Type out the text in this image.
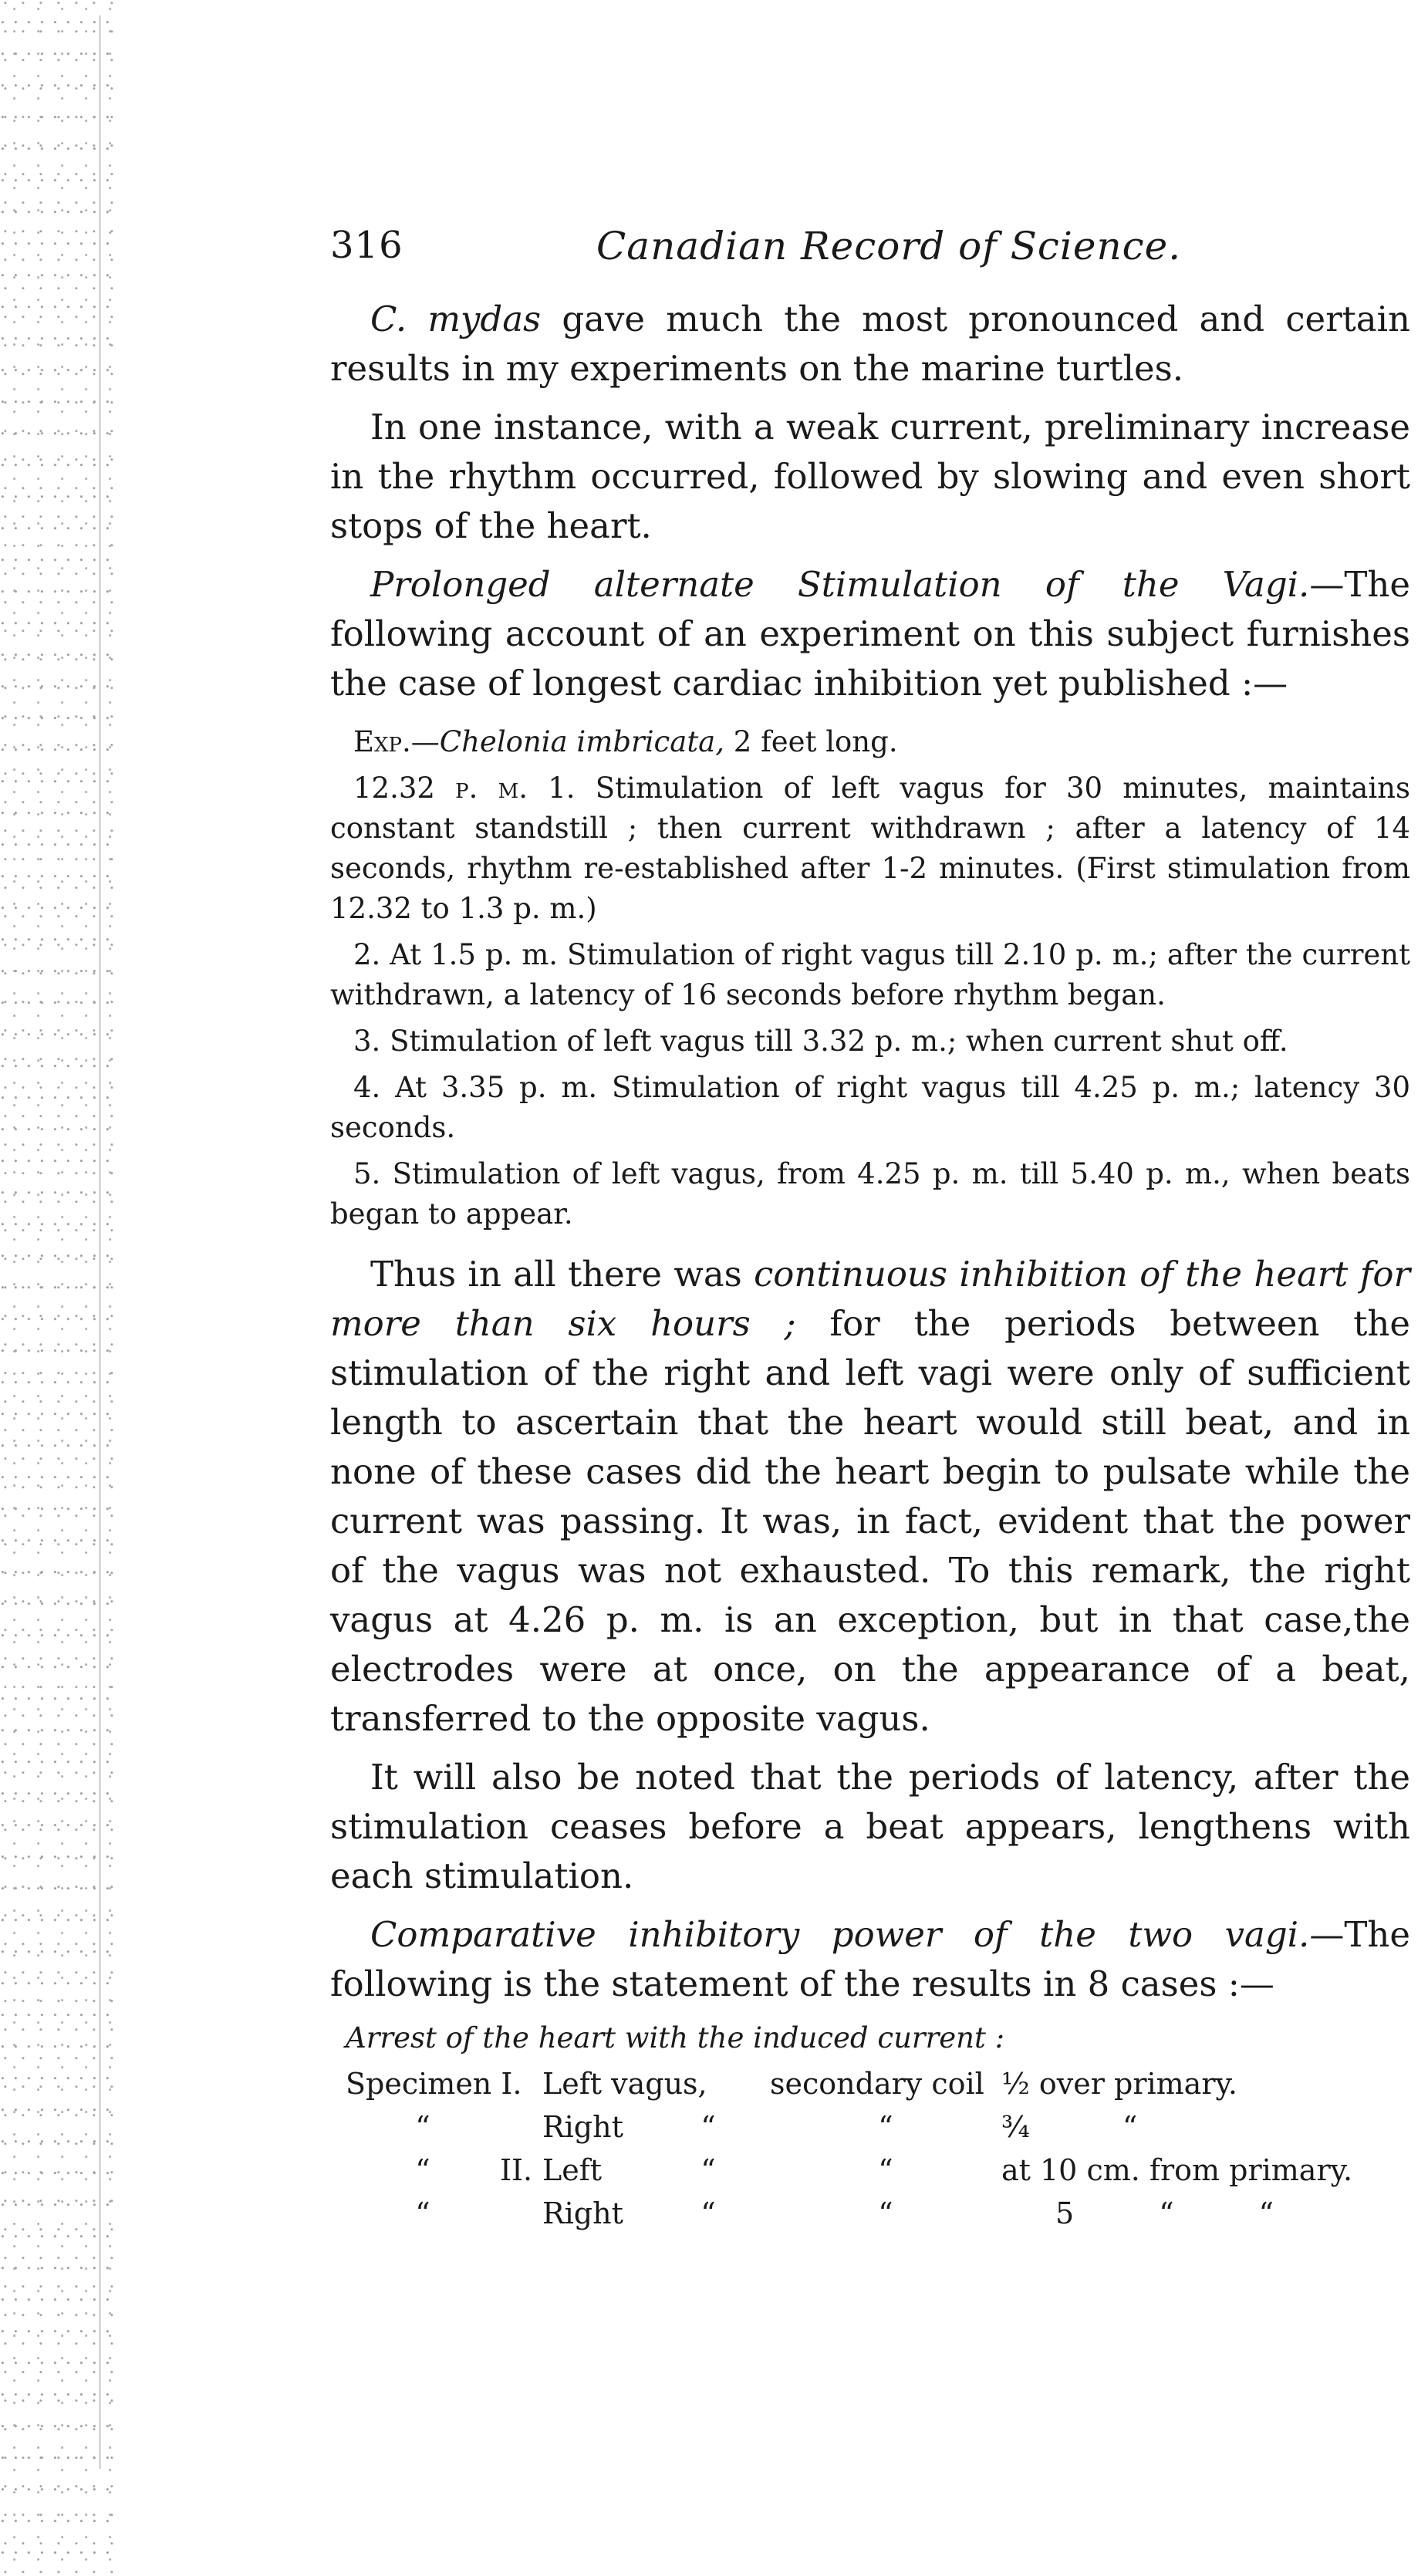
316	Canadian Record of Science.

C. mydas gave much the most pronounced and certain results in my experiments on the marine turtles.

In one instance, with a weak current, preliminary increase in the rhythm occurred, followed by slowing and even short stops of the heart.

Prolonged alternate Stimulation of the Vagi.—The following account of an experiment on this subject furnishes the case of longest cardiac inhibition yet published :—

Exp.—Chelonia imbricata, 2 feet long.

12.32 p. m. 1. Stimulation of left vagus for 30 minutes, maintains constant standstill ; then current withdrawn ; after a latency of 14 seconds, rhythm re-established after 1-2 minutes. (First stimulation from 12.32 to 1.3 p. m.)

2. At 1.5 p. m. Stimulation of right vagus till 2.10 p. m.; after the current withdrawn, a latency of 16 seconds before rhythm began.

3. Stimulation of left vagus till 3.32 p. m.; when current shut off.

4. At 3.35 p. m. Stimulation of right vagus till 4.25 p. m.; latency 30 seconds.

5. Stimulation of left vagus, from 4.25 p. m. till 5.40 p. m., when beats began to appear.

Thus in all there was continuous inhibition of the heart for more than six hours ; for the periods between the stimulation of the right and left vagi were only of sufficient length to ascertain that the heart would still beat, and in none of these cases did the heart begin to pulsate while the current was passing. It was, in fact, evident that the power of the vagus was not exhausted. To this remark, the right vagus at 4.26 p. m. is an exception, but in that case,the electrodes were at once, on the appearance of a beat, transferred to the opposite vagus.

It will also be noted that the periods of latency, after the stimulation ceases before a beat appears, lengthens with each stimulation.

Comparative inhibitory power of the two vagi.—The following is the statement of the results in 8 cases :—

Arrest of the heart with the induced current :

Specimen I.		Left vagus,		secondary coil	½ over primary.
“		Right	“	“	¾ “
“	II.	Left	“	“	at 10 cm. from primary.
“		Right	“	“	5 “ “
